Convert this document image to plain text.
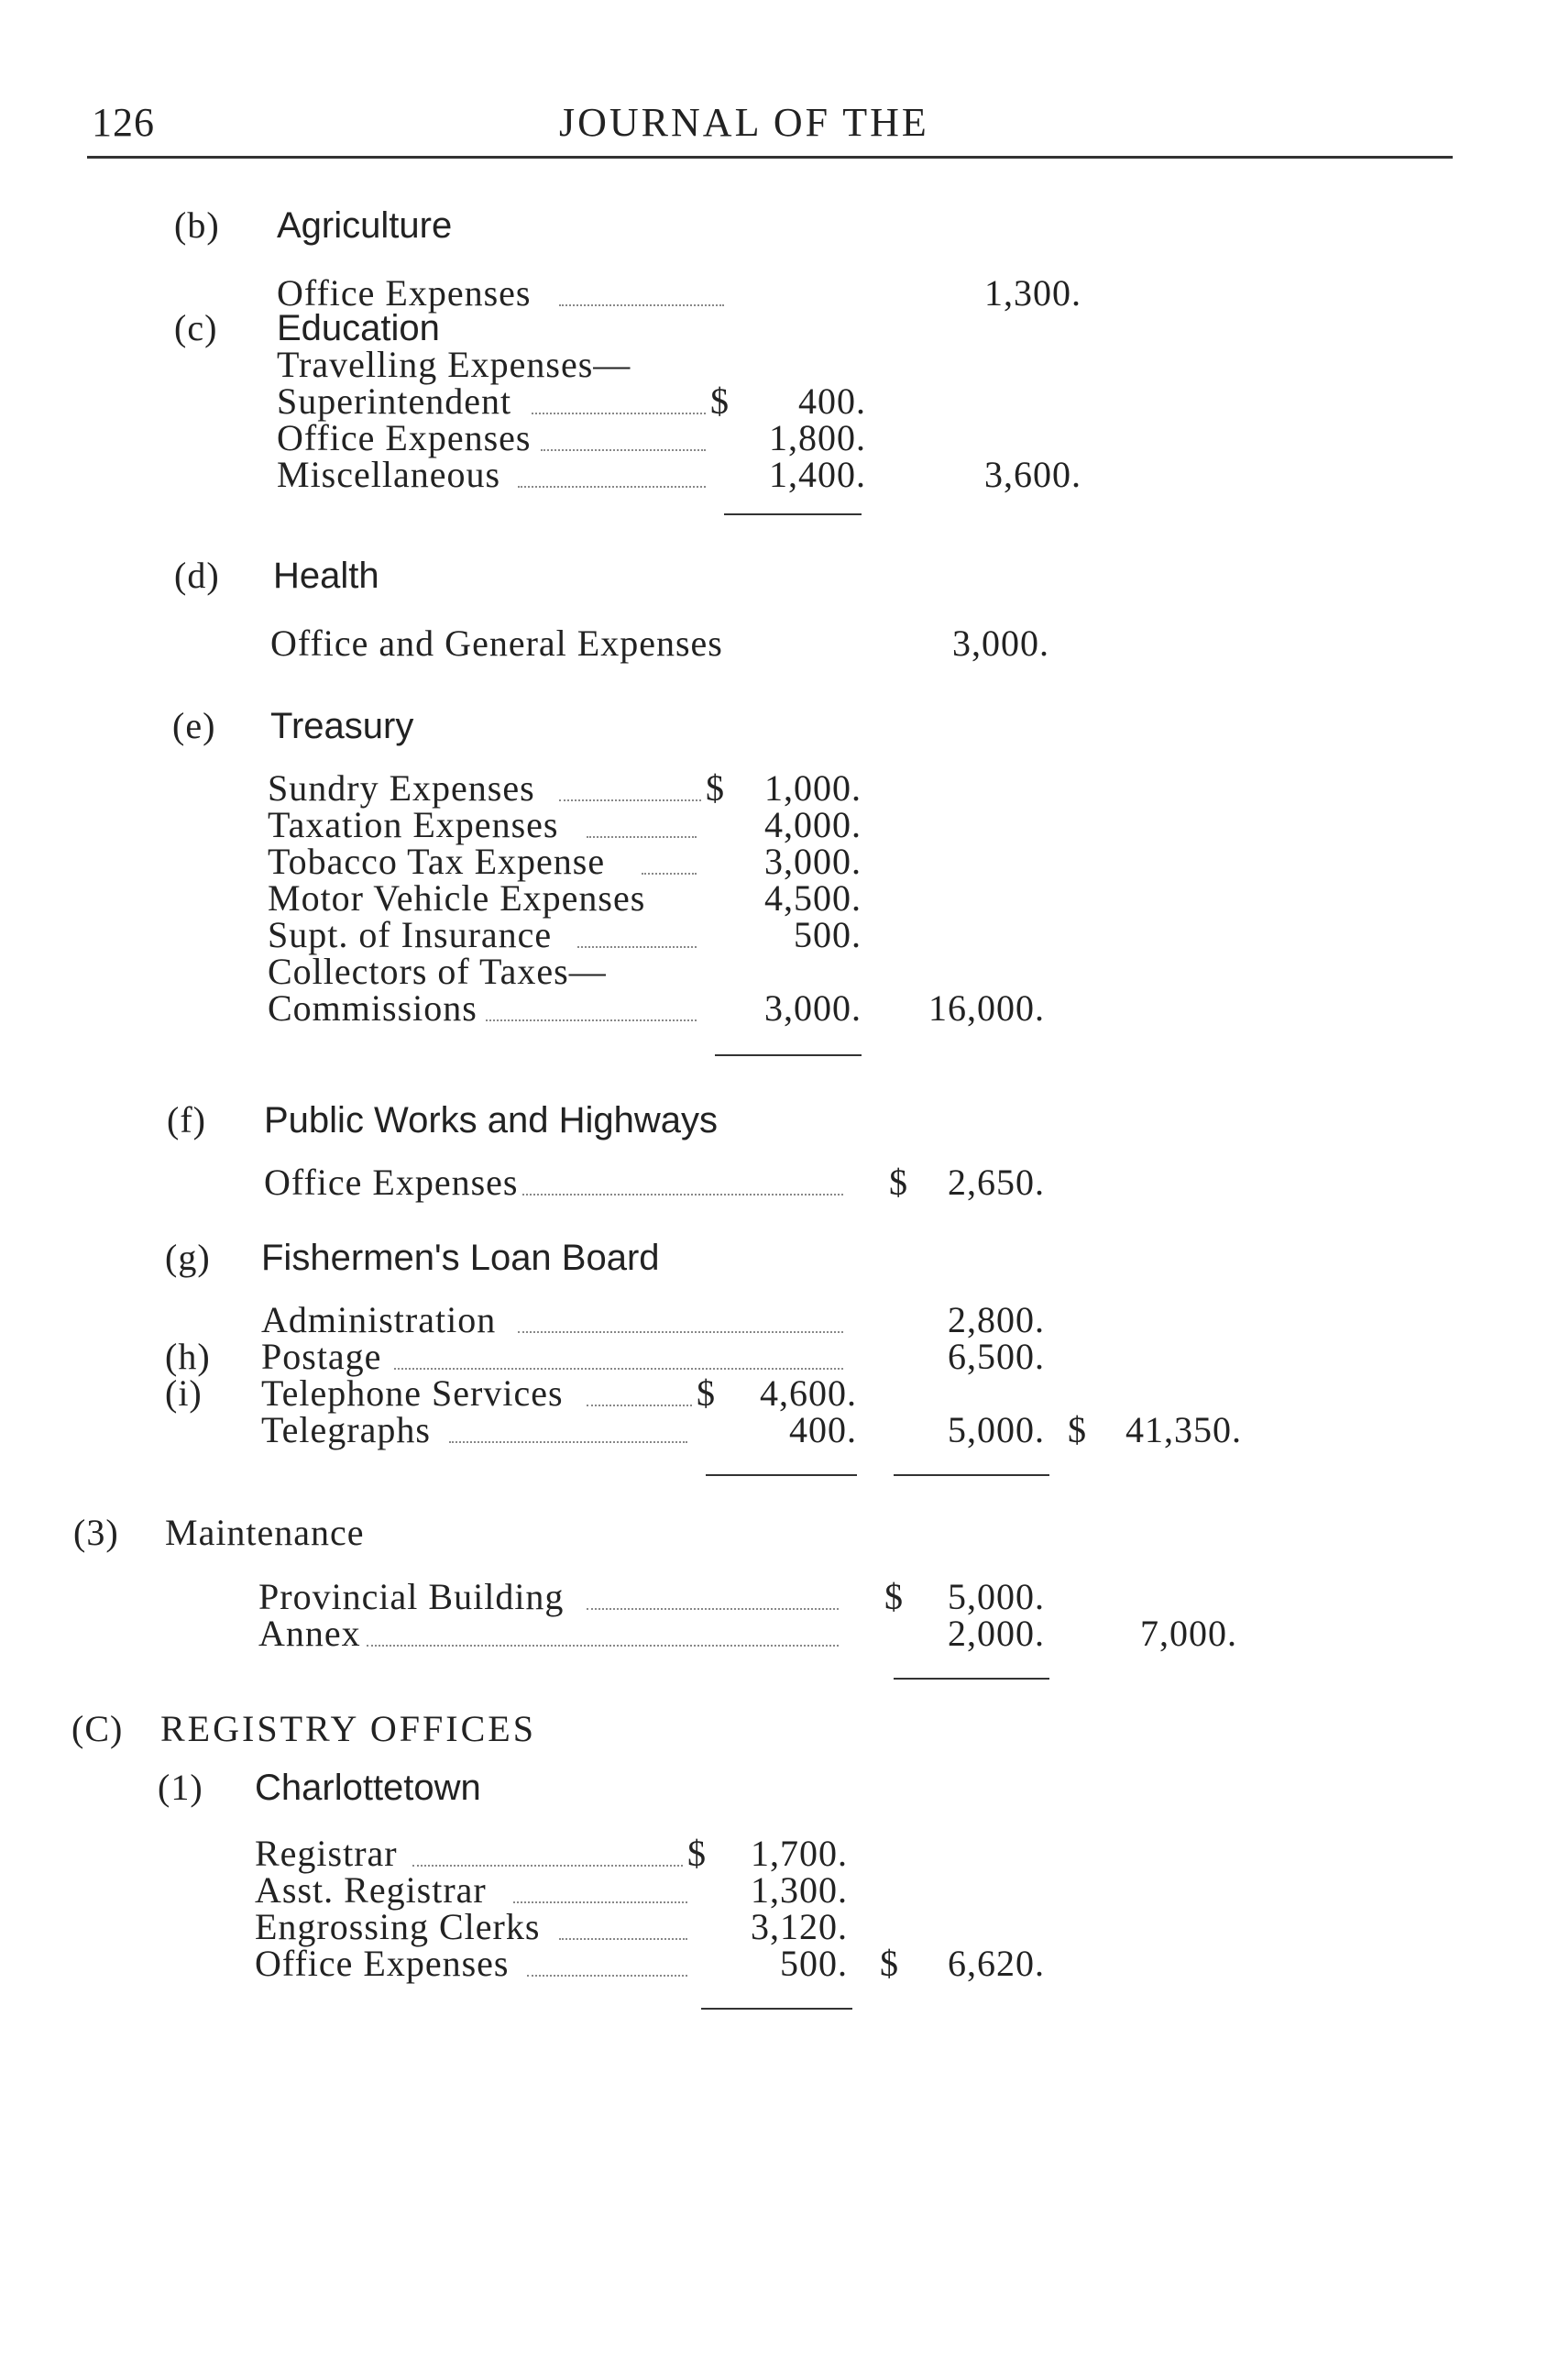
126	JOURNAL OF THE
(b) Agriculture
Office Expenses	1,300.
(c) Education
Travelling Expenses—
Superintendent	$	400.
Office Expenses	1,800.
Miscellaneous	1,400.	3,600.
(d) Health
Office and General Expenses	3,000.
(e) Treasury
Sundry Expenses	$	1,000.
Taxation Expenses	4,000.
Tobacco Tax Expense	3,000.
Motor Vehicle Expenses	4,500.
Supt. of Insurance	500.
Collectors of Taxes—
Commissions	3,000.	16,000.
(f) Public Works and Highways
Office Expenses	$	2,650.
(g) Fishermen's Loan Board
Administration	2,800.
(h) Postage	6,500.
(i) Telephone Services	$	4,600.
Telegraphs	400.	5,000. $	41,350.
(3) Maintenance
Provincial Building	$	5,000.
Annex	2,000.	7,000.
(C) REGISTRY OFFICES
(1) Charlottetown
Registrar	$	1,700.
Asst. Registrar	1,300.
Engrossing Clerks	3,120.
Office Expenses	500. $	6,620.
